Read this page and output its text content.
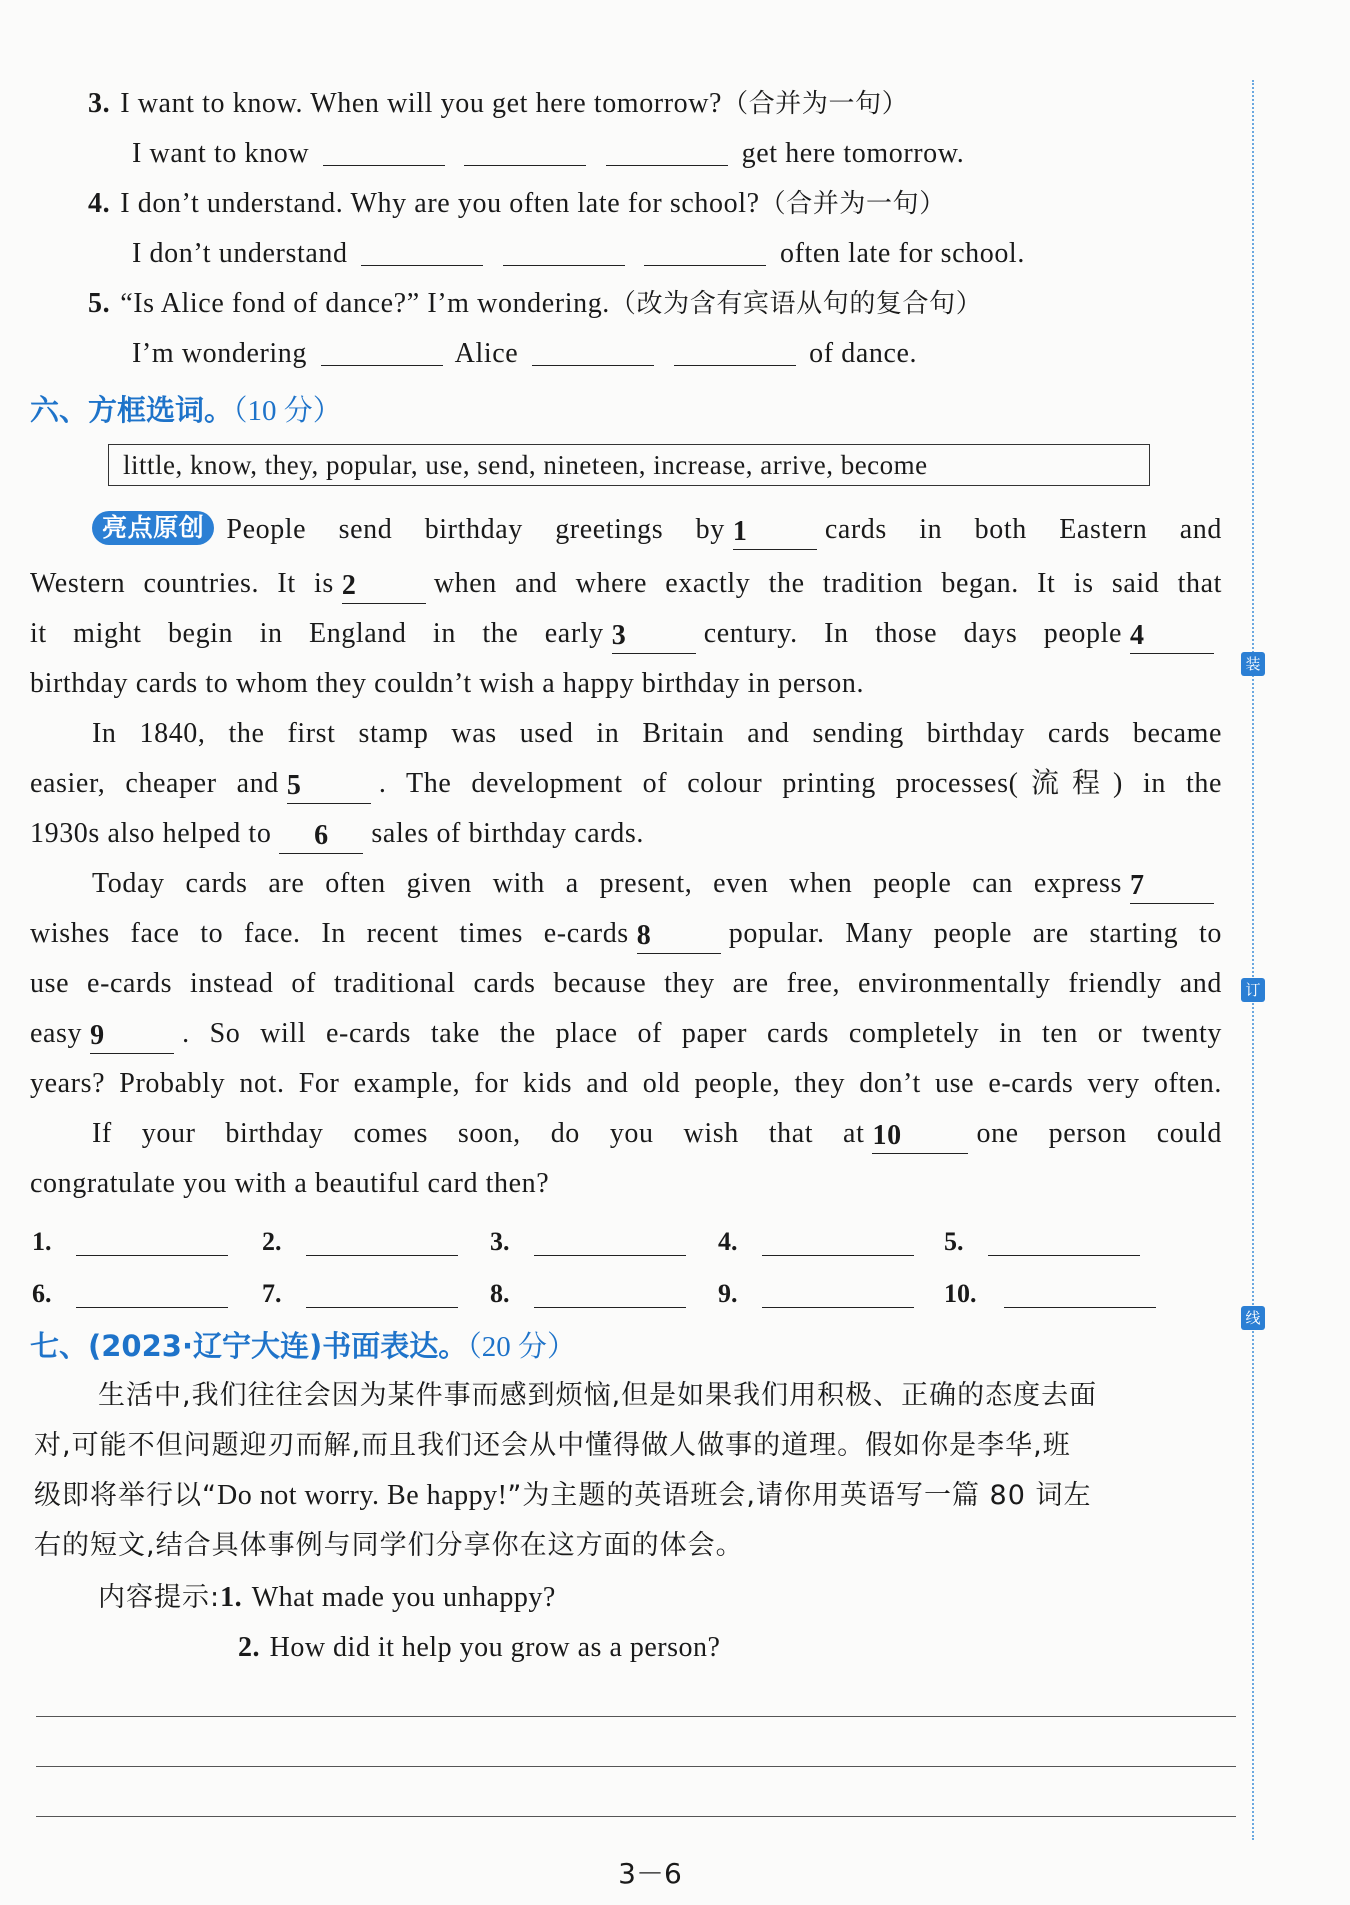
3. I want to know. When will you get here tomorrow?（合并为一句）
I want to know	get here tomorrow.
4. I don’t understand. Why are you often late for school?（合并为一句）
I don’t understand	often late for school.
5. “Is Alice fond of dance?” I’m wondering.（改为含有宾语从句的复合句）
I’m wondering	Alice	of dance.
六、方框选词。（10 分）
little, know, they, popular, use, send, nineteen, increase, arrive, become
亮点原创 People send birthday greetings by 1	cards in both Eastern and
Western countries. It is 2	when and where exactly the tradition began. It is said that
it might begin in England in the early 3	century. In those days people 4
birthday cards to whom they couldn’t wish a happy birthday in person.
In 1840, the first stamp was used in Britain and sending birthday cards became
easier, cheaper and 5	. The development of colour printing processes(流程) in the
1930s also helped to 6 sales of birthday cards.
Today cards are often given with a present, even when people can express 7
wishes face to face. In recent times e-cards 8	popular. Many people are starting to
use e-cards instead of traditional cards because they are free, environmentally friendly and
easy 9	. So will e-cards take the place of paper cards completely in ten or twenty
years? Probably not. For example, for kids and old people, they don’t use e-cards very often.
If your birthday comes soon, do you wish that at 10	one person could
congratulate you with a beautiful card then?
1.	2.	3.	4.	5.
6.	7.	8.	9.	10.
七、(2023·辽宁大连)书面表达。（20 分）
生活中,我们往往会因为某件事而感到烦恼,但是如果我们用积极、正确的态度去面
对,可能不但问题迎刃而解,而且我们还会从中懂得做人做事的道理。假如你是李华,班
级即将举行以“Do not worry. Be happy!”为主题的英语班会,请你用英语写一篇 80 词左
右的短文,结合具体事例与同学们分享你在这方面的体会。
内容提示:1. What made you unhappy?
2. How did it help you grow as a person?
装
订
线
3－6
